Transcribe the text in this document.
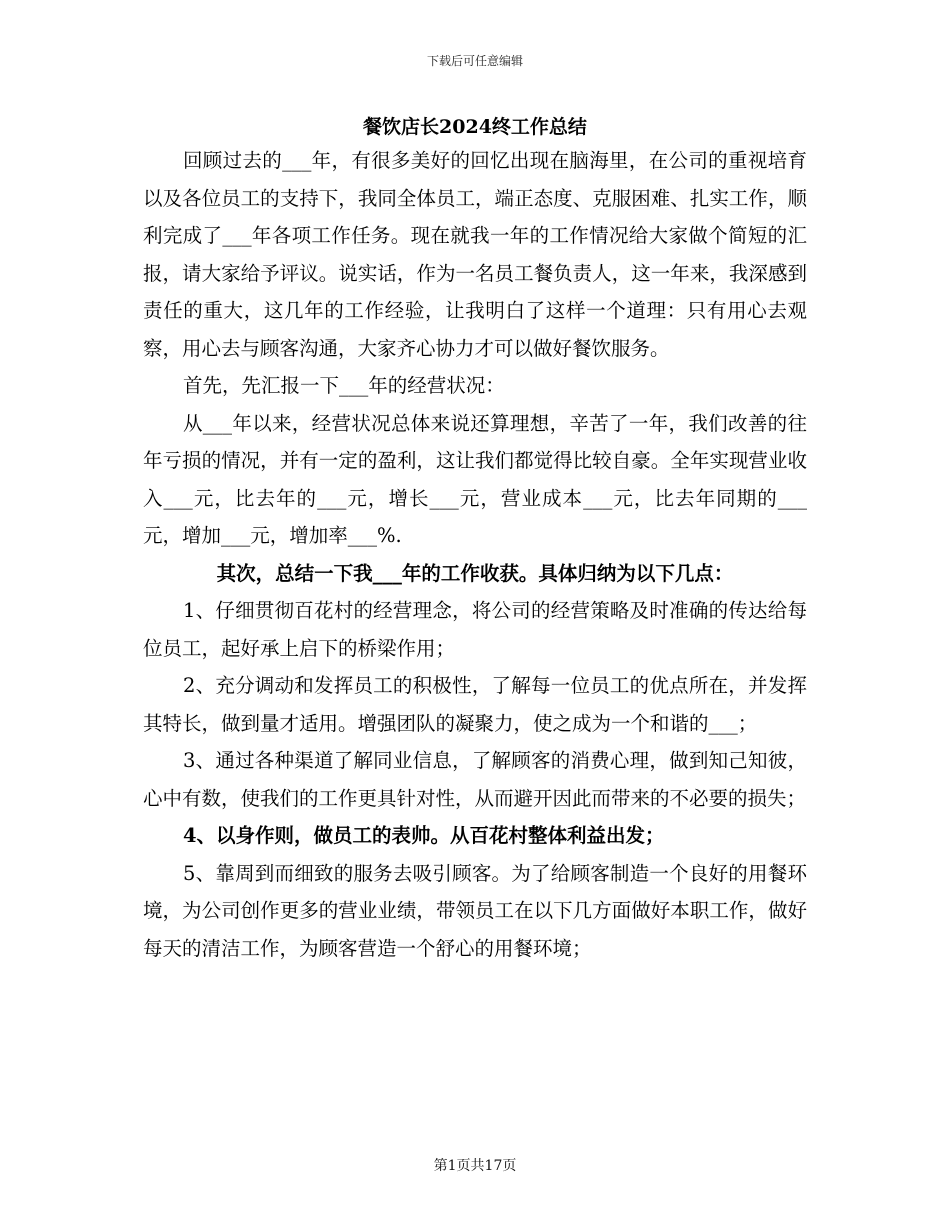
下载后可任意编辑
餐饮店长2024终工作总结

回顾过去的___年，有很多美好的回忆出现在脑海里，在公司的重视培育以及各位员工的支持下，我同全体员工，端正态度、克服困难、扎实工作，顺利完成了___年各项工作任务。现在就我一年的工作情况给大家做个简短的汇报，请大家给予评议。说实话，作为一名员工餐负责人，这一年来，我深感到责任的重大，这几年的工作经验，让我明白了这样一个道理：只有用心去观察，用心去与顾客沟通，大家齐心协力才可以做好餐饮服务。

首先，先汇报一下___年的经营状况：

从___年以来，经营状况总体来说还算理想，辛苦了一年，我们改善的往年亏损的情况，并有一定的盈利，这让我们都觉得比较自豪。全年实现营业收入___元，比去年的___元，增长___元，营业成本___元，比去年同期的___元，增加___元，增加率___%.

其次，总结一下我___年的工作收获。具体归纳为以下几点：

1、仔细贯彻百花村的经营理念，将公司的经营策略及时准确的传达给每位员工，起好承上启下的桥梁作用；

2、充分调动和发挥员工的积极性，了解每一位员工的优点所在，并发挥其特长，做到量才适用。增强团队的凝聚力，使之成为一个和谐的___；

3、通过各种渠道了解同业信息，了解顾客的消费心理，做到知己知彼，心中有数，使我们的工作更具针对性，从而避开因此而带来的不必要的损失；

4、以身作则，做员工的表帅。从百花村整体利益出发；

5、靠周到而细致的服务去吸引顾客。为了给顾客制造一个良好的用餐环境，为公司创作更多的营业业绩，带领员工在以下几方面做好本职工作，做好每天的清洁工作，为顾客营造一个舒心的用餐环境；

第1页共17页
